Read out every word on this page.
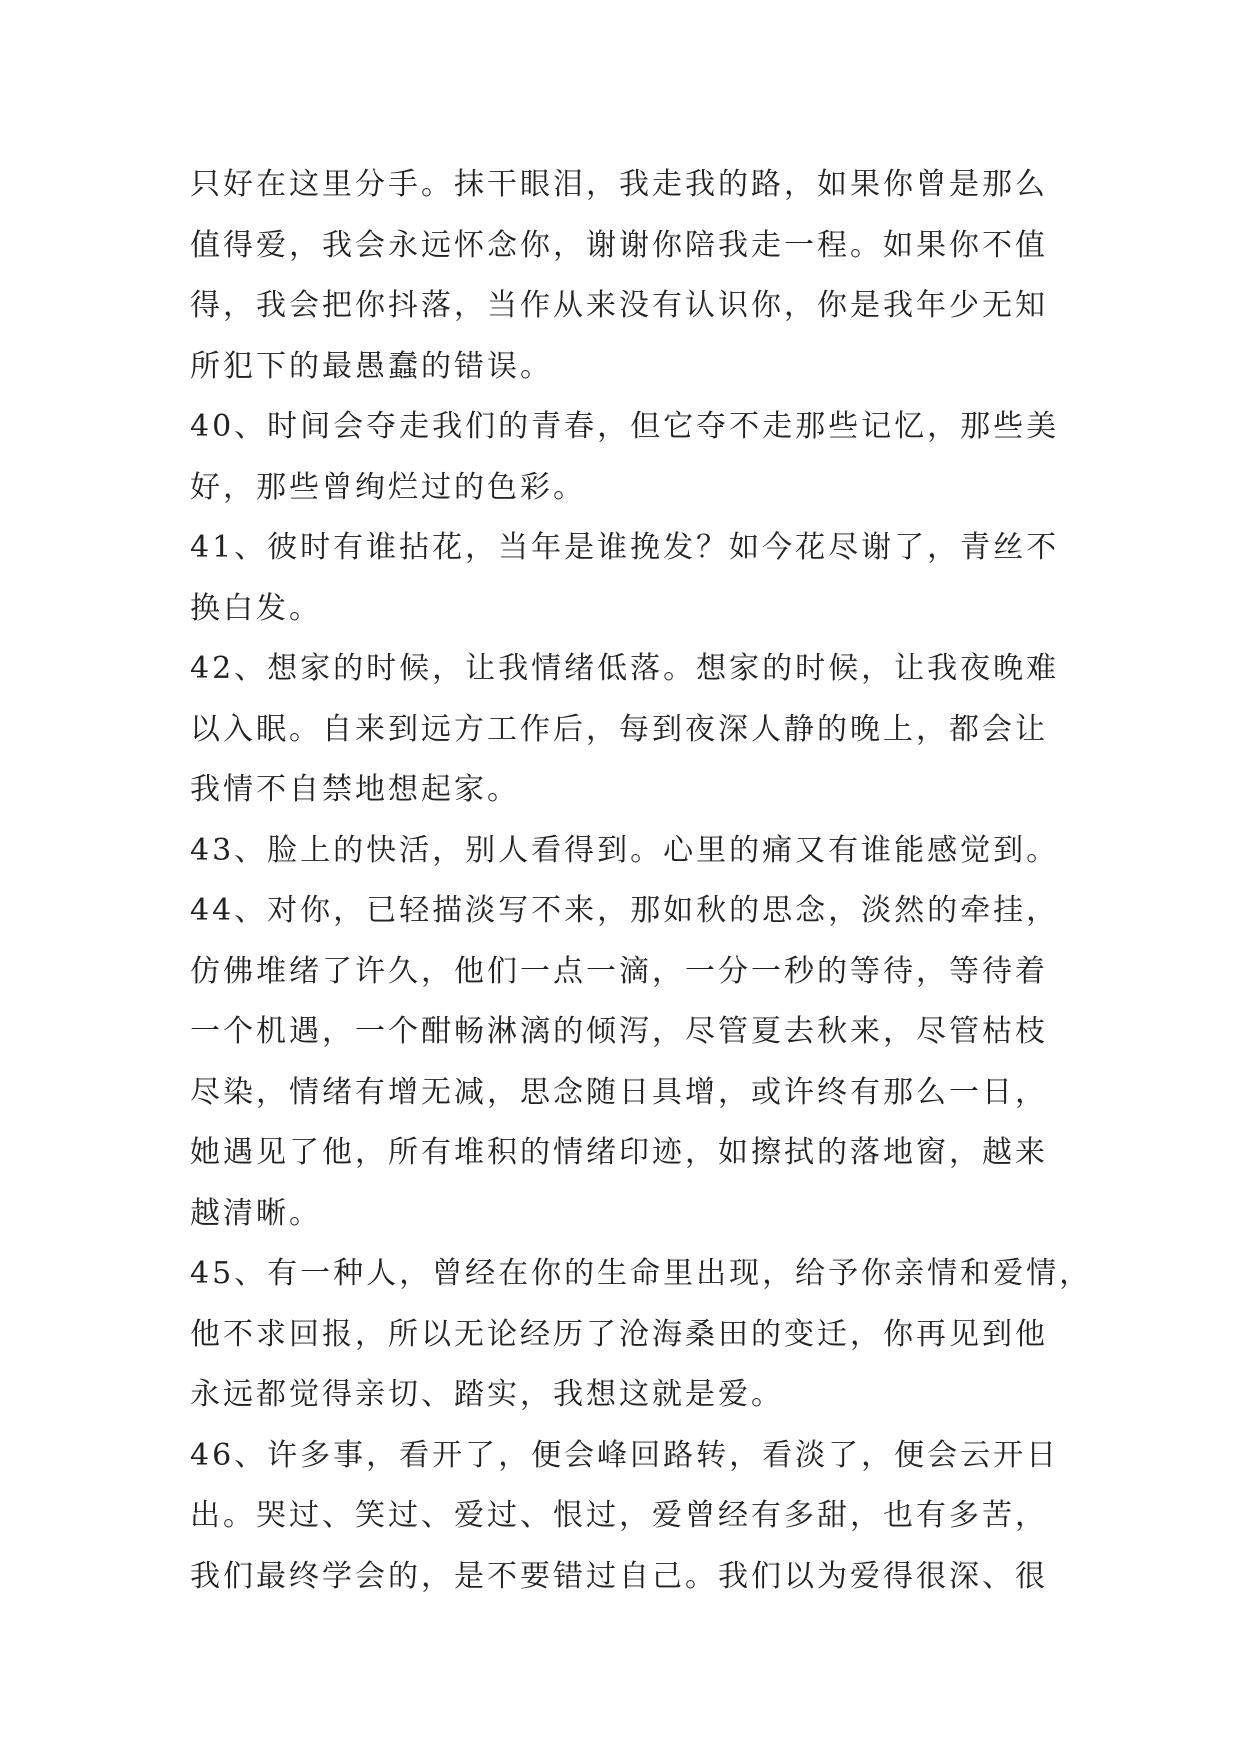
只好在这里分手。抹干眼泪，我走我的路，如果你曾是那么
值得爱，我会永远怀念你，谢谢你陪我走一程。如果你不值
得，我会把你抖落，当作从来没有认识你，你是我年少无知
所犯下的最愚蠢的错误。
40、时间会夺走我们的青春，但它夺不走那些记忆，那些美
好，那些曾绚烂过的色彩。
41、彼时有谁拈花，当年是谁挽发？如今花尽谢了，青丝不
换白发。
42、想家的时候，让我情绪低落。想家的时候，让我夜晚难
以入眠。自来到远方工作后，每到夜深人静的晚上，都会让
我情不自禁地想起家。
43、脸上的快活，别人看得到。心里的痛又有谁能感觉到。
44、对你，已轻描淡写不来，那如秋的思念，淡然的牵挂，
仿佛堆绪了许久，他们一点一滴，一分一秒的等待，等待着
一个机遇，一个酣畅淋漓的倾泻，尽管夏去秋来，尽管枯枝
尽染，情绪有增无减，思念随日具增，或许终有那么一日，
她遇见了他，所有堆积的情绪印迹，如擦拭的落地窗，越来
越清晰。
45、有一种人，曾经在你的生命里出现，给予你亲情和爱情，
他不求回报，所以无论经历了沧海桑田的变迁，你再见到他
永远都觉得亲切、踏实，我想这就是爱。
46、许多事，看开了，便会峰回路转，看淡了，便会云开日
出。哭过、笑过、爱过、恨过，爱曾经有多甜，也有多苦，
我们最终学会的，是不要错过自己。我们以为爱得很深、很
